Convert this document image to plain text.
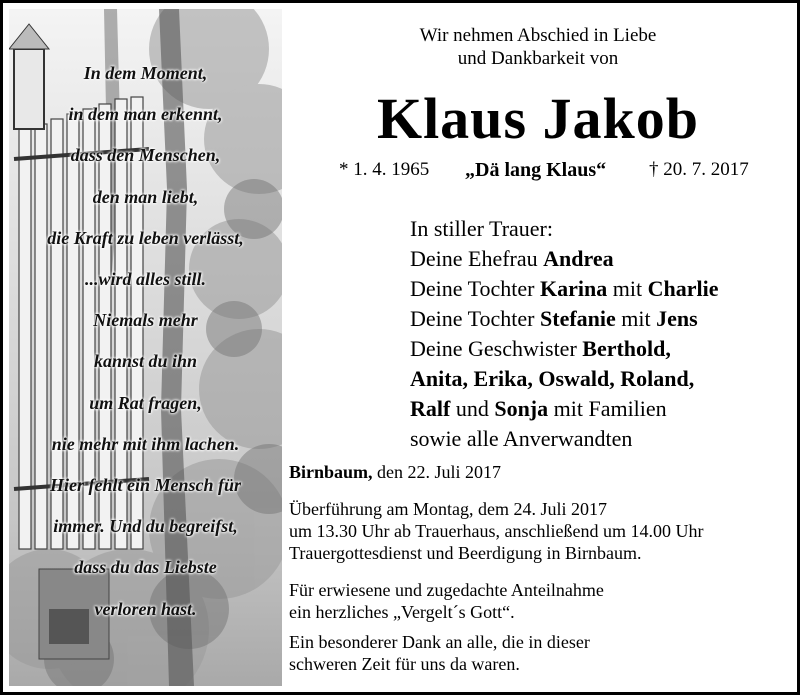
In dem Moment,
in dem man erkennt,
dass den Menschen,
den man liebt,
die Kraft zu leben verlässt,
...wird alles still.
Niemals mehr
kannst du ihn
um Rat fragen,
nie mehr mit ihm lachen.
Hier fehlt ein Mensch für
immer. Und du begreifst,
dass du das Liebste
verloren hast.
Wir nehmen Abschied in Liebe
und Dankbarkeit von
Klaus Jakob
* 1. 4. 1965 „Dä lang Klaus“ † 20. 7. 2017
In stiller Trauer:
Deine Ehefrau Andrea
Deine Tochter Karina mit Charlie
Deine Tochter Stefanie mit Jens
Deine Geschwister Berthold,
Anita, Erika, Oswald, Roland,
Ralf und Sonja mit Familien
sowie alle Anverwandten
Birnbaum, den 22. Juli 2017
Überführung am Montag, dem 24. Juli 2017
um 13.30 Uhr ab Trauerhaus, anschließend um 14.00 Uhr
Trauergottesdienst und Beerdigung in Birnbaum.
Für erwiesene und zugedachte Anteilnahme
ein herzliches „Vergelt´s Gott“.
Ein besonderer Dank an alle, die in dieser
schweren Zeit für uns da waren.
